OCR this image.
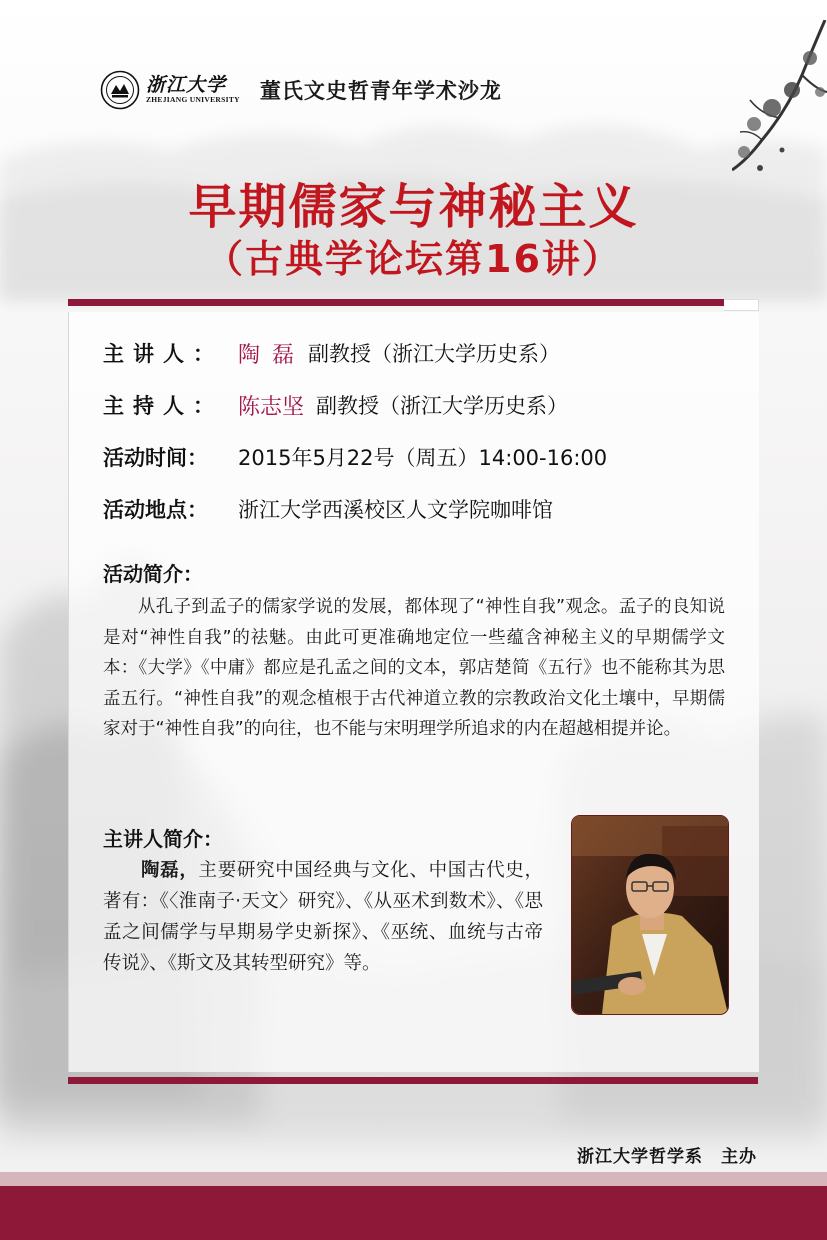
浙江大学
ZHEJIANG UNIVERSITY 董氏文史哲青年学术沙龙
早期儒家与神秘主义
（古典学论坛第16讲）
主讲人： 陶磊 副教授（浙江大学历史系）
主持人： 陈志坚 副教授（浙江大学历史系）
活动时间：	2015年5月22号（周五）14:00-16:00
活动地点：	浙江大学西溪校区人文学院咖啡馆
活动简介：
从孔子到孟子的儒家学说的发展，都体现了“神性自我”观念。孟子的良知说是对“神性自我”的祛魅。由此可更准确地定位一些蕴含神秘主义的早期儒学文本：《大学》《中庸》都应是孔孟之间的文本，郭店楚简《五行》也不能称其为思孟五行。“神性自我”的观念植根于古代神道立教的宗教政治文化土壤中，早期儒家对于“神性自我”的向往，也不能与宋明理学所追求的内在超越相提并论。
主讲人简介：
陶磊，主要研究中国经典与文化、中国古代史，著有：《〈淮南子·天文〉研究》、《从巫术到数术》、《思孟之间儒学与早期易学史新探》、《巫统、血统与古帝传说》、《斯文及其转型研究》等。
浙江大学哲学系　主办
